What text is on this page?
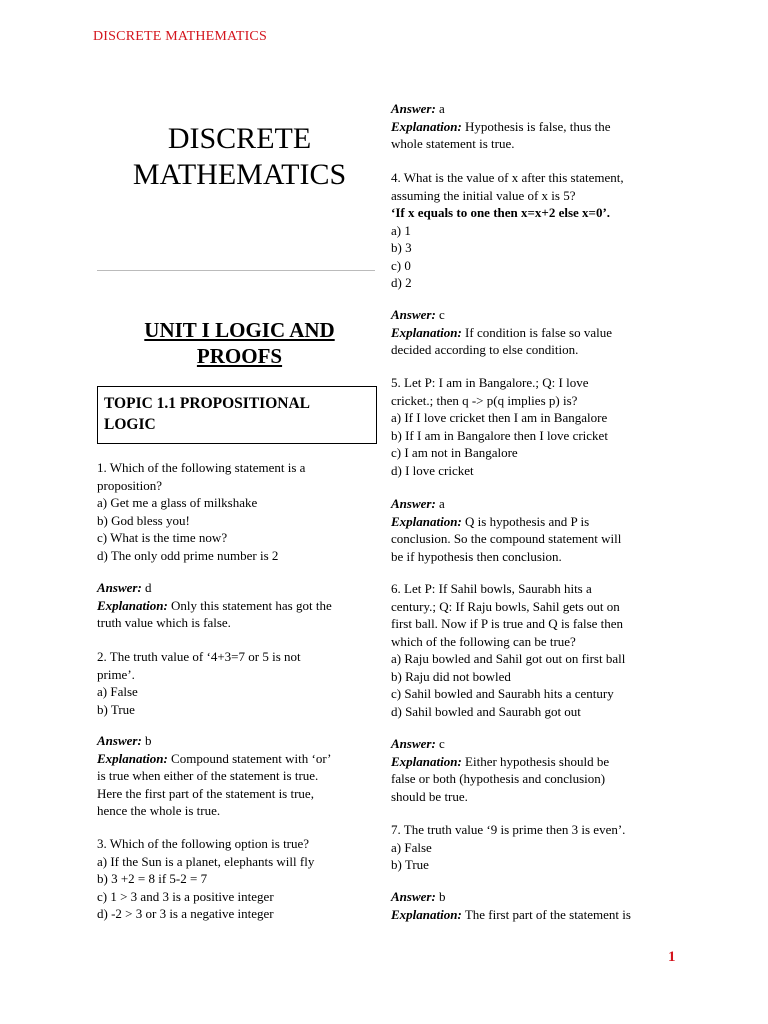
DISCRETE MATHEMATICS
DISCRETE
MATHEMATICS
UNIT I LOGIC AND
PROOFS
TOPIC 1.1 PROPOSITIONAL
LOGIC

1. Which of the following statement is a

proposition?

a) Get me a glass of milkshake

b) God bless you!

c) What is the time now?

d) The only odd prime number is 2

Answer: d

Explanation: Only this statement has got the

truth value which is false.

2. The truth value of ‘4+3=7 or 5 is not

prime’.

a) False

b) True

Answer: b

Explanation: Compound statement with ‘or’

is true when either of the statement is true.

Here the first part of the statement is true,

hence the whole is true.

3. Which of the following option is true?

a) If the Sun is a planet, elephants will fly

b) 3 +2 = 8 if 5-2 = 7

c) 1 > 3 and 3 is a positive integer

d) -2 > 3 or 3 is a negative integer

Answer: a

Explanation: Hypothesis is false, thus the

whole statement is true.

4. What is the value of x after this statement,

assuming the initial value of x is 5?

‘If x equals to one then x=x+2 else x=0’.

a) 1

b) 3

c) 0

d) 2

Answer: c

Explanation: If condition is false so value

decided according to else condition.

5. Let P: I am in Bangalore.; Q: I love

cricket.; then q -> p(q implies p) is?

a) If I love cricket then I am in Bangalore

b) If I am in Bangalore then I love cricket

c) I am not in Bangalore

d) I love cricket

Answer: a

Explanation: Q is hypothesis and P is

conclusion. So the compound statement will

be if hypothesis then conclusion.

6. Let P: If Sahil bowls, Saurabh hits a

century.; Q: If Raju bowls, Sahil gets out on

first ball. Now if P is true and Q is false then

which of the following can be true?

a) Raju bowled and Sahil got out on first ball

b) Raju did not bowled

c) Sahil bowled and Saurabh hits a century

d) Sahil bowled and Saurabh got out

Answer: c

Explanation: Either hypothesis should be

false or both (hypothesis and conclusion)

should be true.

7. The truth value ‘9 is prime then 3 is even’.

a) False

b) True

Answer: b

Explanation: The first part of the statement is

1
